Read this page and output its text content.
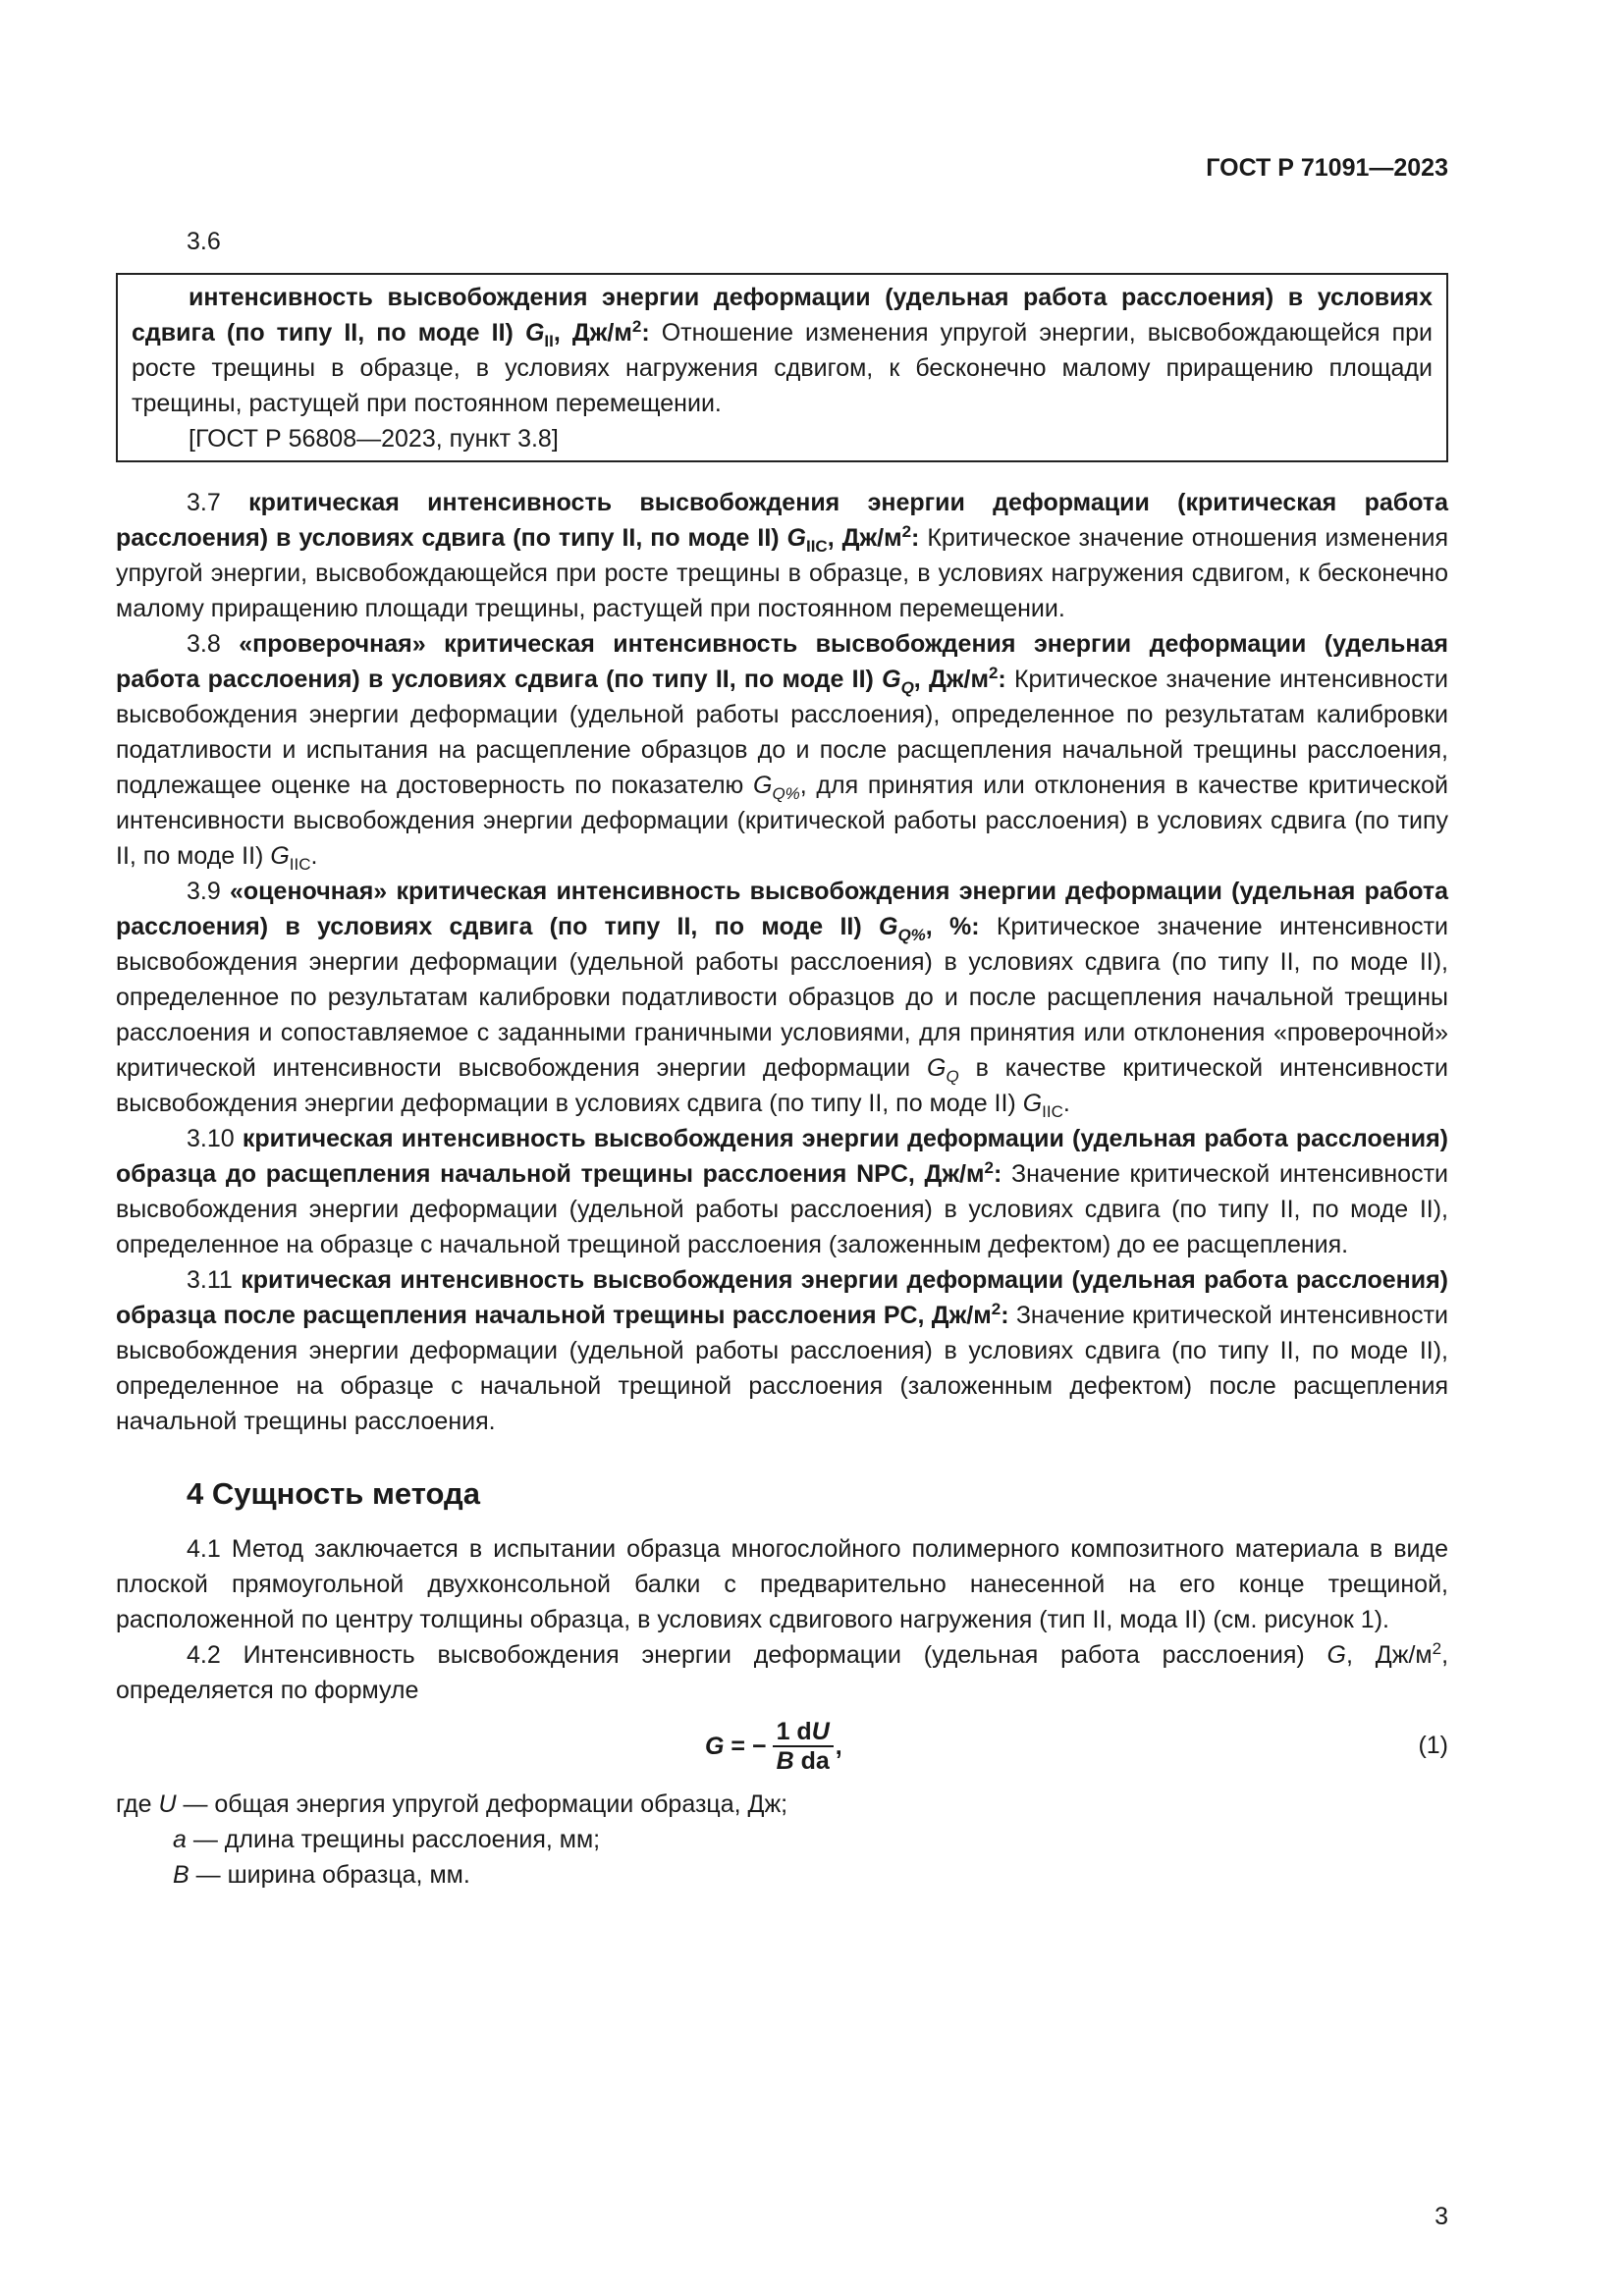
ГОСТ Р 71091—2023
3.6
интенсивность высвобождения энергии деформации (удельная работа расслоения) в условиях сдвига (по типу II, по моде II) $G_{II}$, $Дж/м^2$: Отношение изменения упругой энергии, высвобождающейся при росте трещины в образце, в условиях нагружения сдвигом, к бесконечно малому приращению площади трещины, растущей при постоянном перемещении.
[ГОСТ Р 56808—2023, пункт 3.8]

3.7 критическая интенсивность высвобождения энергии деформации (критическая работа расслоения) в условиях сдвига (по типу II, по моде II) $G_{IIC}$, $Дж/м^2$: Критическое значение отношения изменения упругой энергии, высвобождающейся при росте трещины в образце, в условиях нагружения сдвигом, к бесконечно малому приращению площади трещины, растущей при постоянном перемещении.

3.8 «проверочная» критическая интенсивность высвобождения энергии деформации (удельная работа расслоения) в условиях сдвига (по типу II, по моде II) $G_Q$, $Дж/м^2$: Критическое значение интенсивности высвобождения энергии деформации (удельной работы расслоения), определенное по результатам калибровки податливости и испытания на расщепление образцов до и после расщепления начальной трещины расслоения, подлежащее оценке на достоверность по показателю $G_{Q\%}$, для принятия или отклонения в качестве критической интенсивности высвобождения энергии деформации (критической работы расслоения) в условиях сдвига (по типу II, по моде II) $G_{IIC}$.

3.9 «оценочная» критическая интенсивность высвобождения энергии деформации (удельная работа расслоения) в условиях сдвига (по типу II, по моде II) $G_{Q\%}$, %: Критическое значение интенсивности высвобождения энергии деформации (удельной работы расслоения) в условиях сдвига (по типу II, по моде II), определенное по результатам калибровки податливости образцов до и после расщепления начальной трещины расслоения и сопоставляемое с заданными граничными условиями, для принятия или отклонения «проверочной» критической интенсивности высвобождения энергии деформации $G_Q$ в качестве критической интенсивности высвобождения энергии деформации в условиях сдвига (по типу II, по моде II) $G_{IIC}$.

3.10 критическая интенсивность высвобождения энергии деформации (удельная работа расслоения) образца до расщепления начальной трещины расслоения NPC, $Дж/м^2$: Значение критической интенсивности высвобождения энергии деформации (удельной работы расслоения) в условиях сдвига (по типу II, по моде II), определенное на образце с начальной трещиной расслоения (заложенным дефектом) до ее расщепления.

3.11 критическая интенсивность высвобождения энергии деформации (удельная работа расслоения) образца после расщепления начальной трещины расслоения PC, $Дж/м^2$: Значение критической интенсивности высвобождения энергии деформации (удельной работы расслоения) в условиях сдвига (по типу II, по моде II), определенное на образце с начальной трещиной расслоения (заложенным дефектом) после расщепления начальной трещины расслоения.

4 Сущность метода

4.1 Метод заключается в испытании образца многослойного полимерного композитного материала в виде плоской прямоугольной двухконсольной балки с предварительно нанесенной на его конце трещиной, расположенной по центру толщины образца, в условиях сдвигового нагружения (тип II, мода II) (см. рисунок 1).

4.2 Интенсивность высвобождения энергии деформации (удельная работа расслоения) G, $Дж/м^2$, определяется по формуле

G = − $\frac{1 dU}{\text{B da}}$ ,	(1)

где U — общая энергия упругой деформации образца, Дж;

a — длина трещины расслоения, мм;

B — ширина образца, мм.

3
